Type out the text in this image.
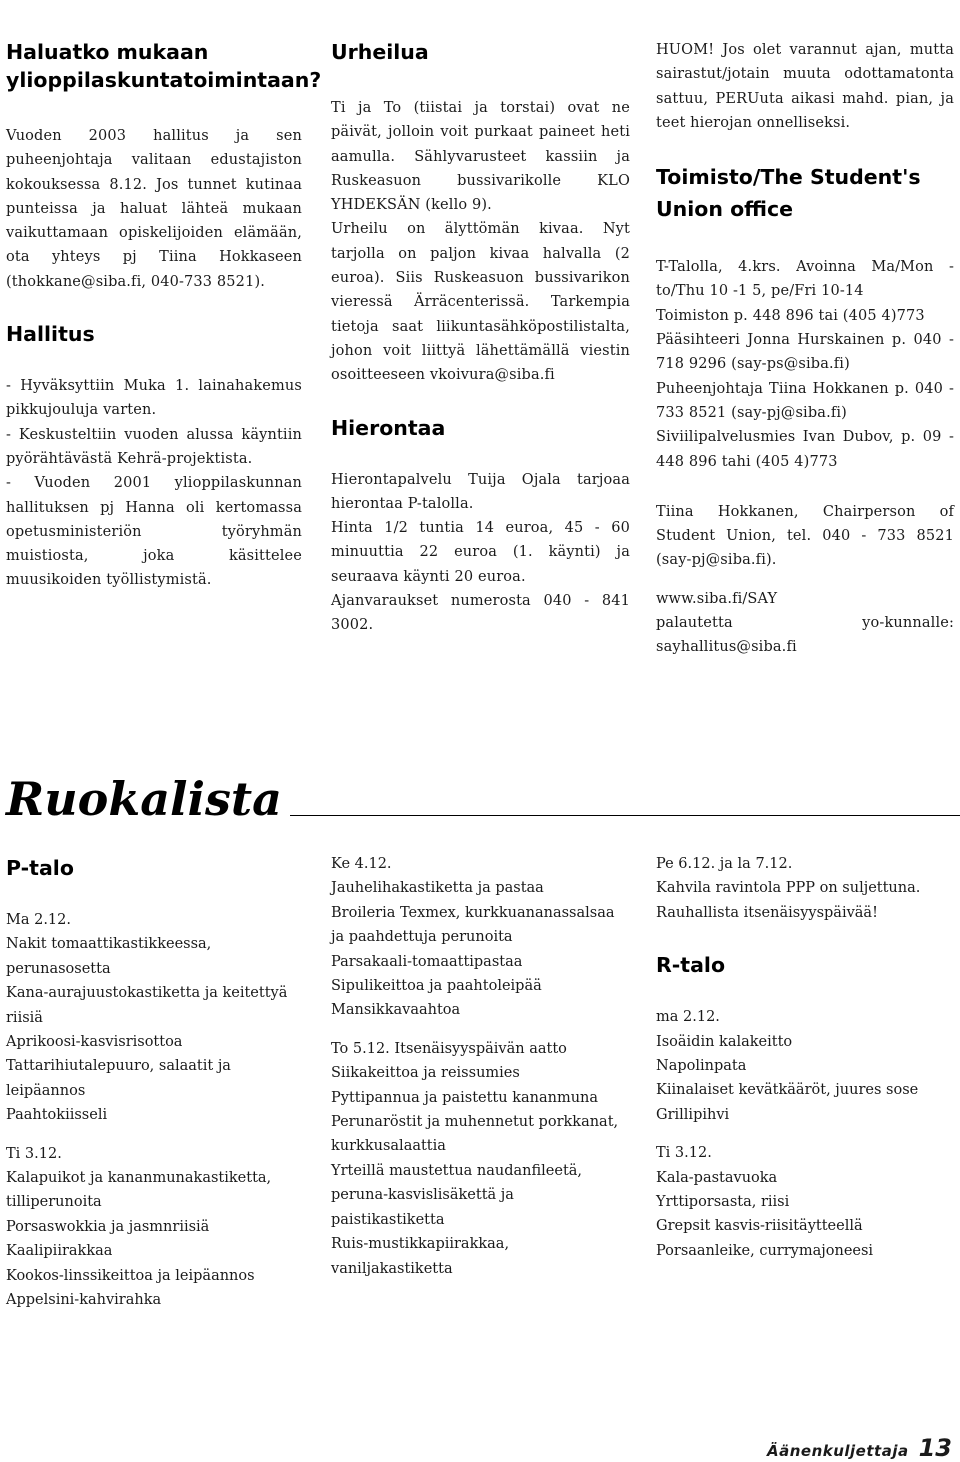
Haluatko mukaan ylioppilaskuntatoimintaan?

Vuoden 2003 hallitus ja sen puheenjohtaja valitaan edustajiston kokouksessa 8.12. Jos tunnet kutinaa punteissa ja haluat lähteä mukaan vaikuttamaan opiskelijoiden elämään, ota yhteys pj Tiina Hokkaseen (thokkane@siba.fi, 040-733 8521).

Hallitus

- Hyväksyttiin Muka 1. lainahakemus pikkujouluja varten.

- Keskusteltiin vuoden alussa käyntiin pyörähtävästä Kehrä-projektista.

- Vuoden 2001 ylioppilaskunnan hallituksen pj Hanna oli kertomassa opetusministeriön työryhmän muistiosta, joka käsittelee muusikoiden työllistymistä.

Urheilua

Ti ja To (tiistai ja torstai) ovat ne päivät, jolloin voit purkaat paineet heti aamulla. Sählyvarusteet kassiin ja Ruskeasuon bussivarikolle KLO YHDEKSÄN (kello 9).

Urheilu on älyttömän kivaa. Nyt tarjolla on paljon kivaa halvalla (2 euroa). Siis Ruskeasuon bussivarikon vieressä Ärräcenterissä. Tarkempia tietoja saat liikuntasähköpostilistalta, johon voit liittyä lähettämällä viestin osoitteeseen vkoivura@siba.fi

Hierontaa

Hierontapalvelu Tuija Ojala tarjoaa hierontaa P-talolla.

Hinta 1/2 tuntia 14 euroa, 45 - 60 minuuttia 22 euroa (1. käynti) ja seuraava käynti 20 euroa.

Ajanvaraukset numerosta 040 - 841 3002.

HUOM! Jos olet varannut ajan, mutta sairastut/jotain muuta odottamatonta sattuu, PERUuta aikasi mahd. pian, ja teet hierojan onnelliseksi.

Toimisto/The Student's Union office

T-Talolla, 4.krs. Avoinna Ma/Mon - to/Thu 10 -1 5, pe/Fri 10-14

Toimiston p. 448 896 tai (405 4)773

Pääsihteeri Jonna Hurskainen p. 040 - 718 9296 (say-ps@siba.fi)

Puheenjohtaja Tiina Hokkanen p. 040 - 733 8521 (say-pj@siba.fi)

Siviilipalvelusmies Ivan Dubov, p. 09 - 448 896 tahi (405 4)773

Tiina Hokkanen, Chairperson of Student Union, tel. 040 - 733 8521 (say-pj@siba.fi).

www.siba.fi/SAY

palautetta yo-kunnalle: sayhallitus@siba.fi

Ruokalista
P-talo
Ma 2.12.
Nakit tomaattikastikkeessa, perunasosetta
Kana-aurajuustokastiketta ja keitettyä riisiä
Aprikoosi-kasvisrisottoa
Tattarihiutalepuuro, salaatit ja leipäannos
Paahtokiisseli
Ti 3.12.
Kalapuikot ja kananmunakastiketta, tilliperunoita
Porsaswokkia ja jasmnriisiä
Kaalipiirakkaa
Kookos-linssikeittoa ja leipäannos
Appelsini-kahvirahka
Ke 4.12.
Jauhelihakastiketta ja pastaa
Broileria Texmex, kurkkuananassalsaa ja paahdettuja perunoita
Parsakaali-tomaattipastaa
Sipulikeittoa ja paahtoleipää
Mansikkavaahtoa
To 5.12. Itsenäisyyspäivän aatto
Siikakeittoa ja reissumies
Pyttipannua ja paistettu kananmuna
Perunaröstit ja muhennetut porkkanat, kurkkusalaattia
Yrteillä maustettua naudanfileetä, peruna-kasvislisäkettä ja paistikastiketta
Ruis-mustikkapiirakkaa, vaniljakastiketta
Pe 6.12. ja la 7.12.
Kahvila ravintola PPP on suljettuna.
Rauhallista itsenäisyyspäivää!
R-talo
ma 2.12.
Isoäidin kalakeitto
Napolinpata
Kiinalaiset kevätkääröt, juures sose
Grillipihvi
Ti 3.12.
Kala-pastavuoka
Yrttiporsasta, riisi
Grepsit kasvis-riisitäytteellä
Porsaanleike, currymajoneesi
Äänenkuljettaja 13
